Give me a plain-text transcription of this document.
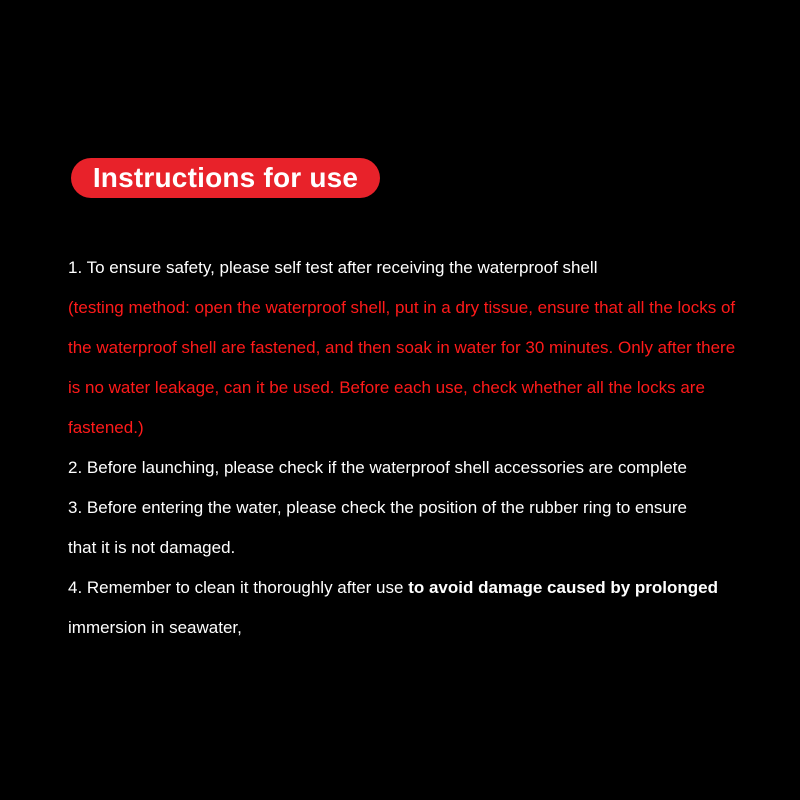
Instructions for use
1. To ensure safety, please self test after receiving the waterproof shell
(testing method: open the waterproof shell, put in a dry tissue, ensure that all the locks of
the waterproof shell are fastened, and then soak in water for 30 minutes. Only after there
is no water leakage, can it be used. Before each use, check whether all the locks are
fastened.)
2. Before launching, please check if the waterproof shell accessories are complete
3. Before entering the water, please check the position of the rubber ring to ensure
that it is not damaged.
4. Remember to clean it thoroughly after use to avoid damage caused by prolonged
immersion in seawater,
